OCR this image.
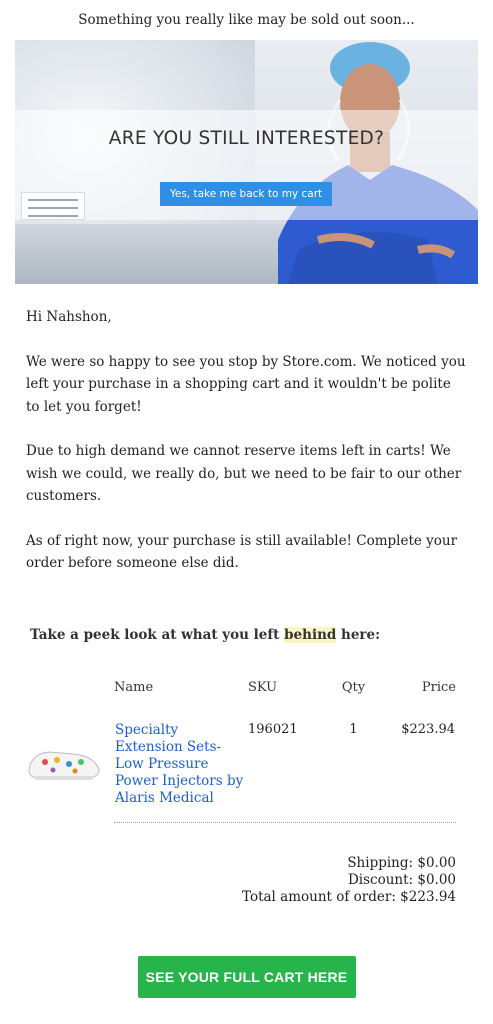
Something you really like may be sold out soon...
ARE YOU STILL INTERESTED?
Yes, take me back to my cart

Hi Nahshon,

We were so happy to see you stop by Store.com. We noticed you left your purchase in a shopping cart and it wouldn't be polite to let you forget!

Due to high demand we cannot reserve items left in carts! We wish we could, we really do, but we need to be fair to our other customers.

As of right now, your purchase is still available! Complete your order before someone else did.

Take a peek look at what you left behind here:
	Name	SKU	Qty	Price

	Specialty Extension Sets- Low Pressure Power Injectors by Alaris Medical	196021	1	$223.94
Shipping: $0.00
Discount: $0.00
Total amount of order: $223.94
SEE YOUR FULL CART HERE
